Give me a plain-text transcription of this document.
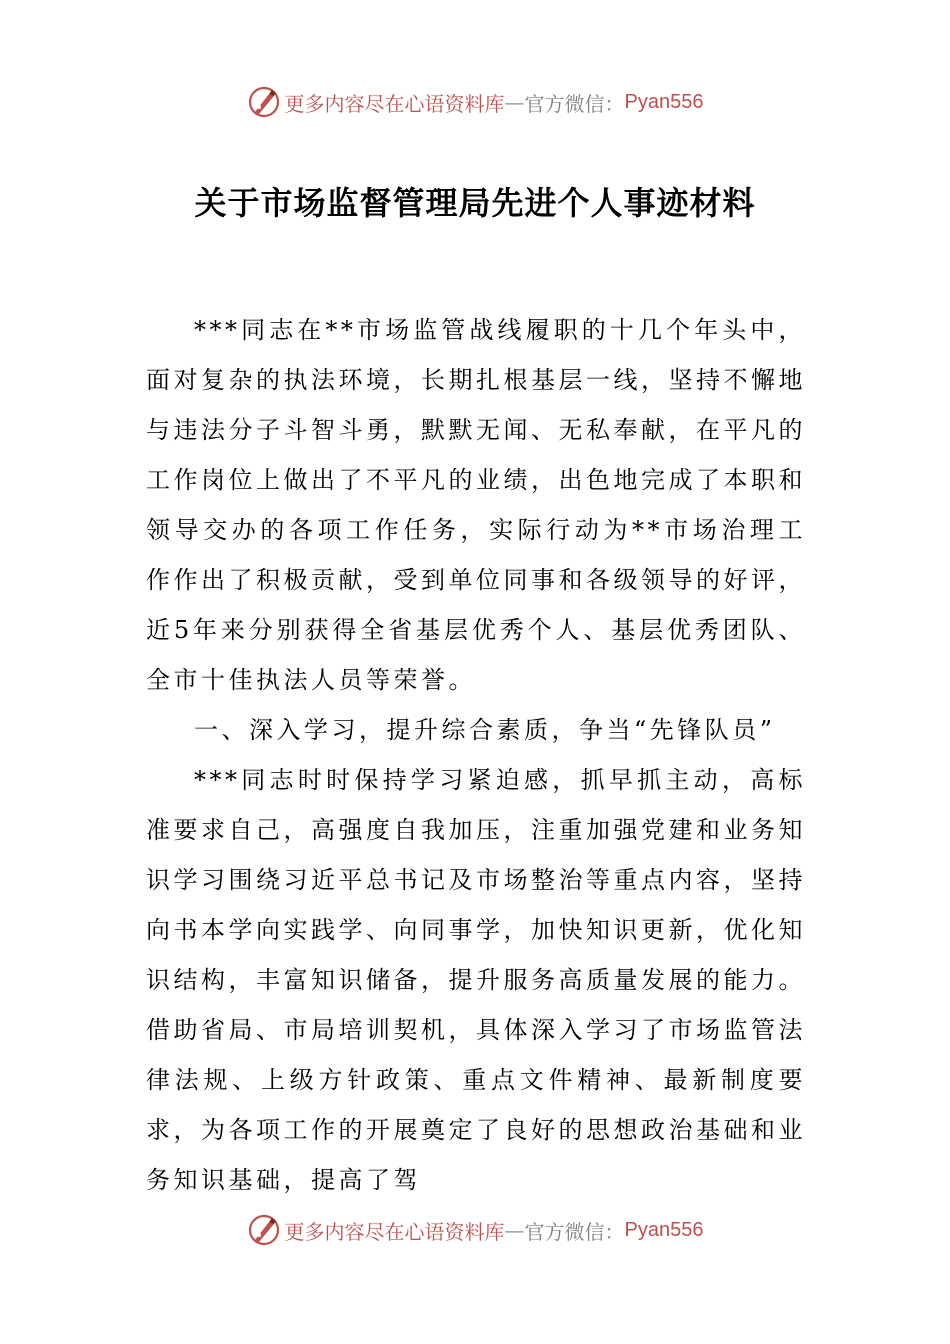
更多内容尽在心语资料库 — 官方微信： Pyan556
关于市场监督管理局先进个人事迹材料

***同志在**市场监管战线履职的十几个年头中，面对复杂的执法环境，长期扎根基层一线，坚持不懈地与违法分子斗智斗勇，默默无闻、无私奉献，在平凡的工作岗位上做出了不平凡的业绩，出色地完成了本职和领导交办的各项工作任务，实际行动为**市场治理工作作出了积极贡献，受到单位同事和各级领导的好评，近5年来分别获得全省基层优秀个人、基层优秀团队、全市十佳执法人员等荣誉。

一、深入学习，提升综合素质，争当“先锋队员”

***同志时时保持学习紧迫感，抓早抓主动，高标准要求自己，高强度自我加压，注重加强党建和业务知识学习围绕习近平总书记及市场整治等重点内容，坚持向书本学向实践学、向同事学，加快知识更新，优化知识结构，丰富知识储备，提升服务高质量发展的能力。借助省局、市局培训契机，具体深入学习了市场监管法律法规、上级方针政策、重点文件精神、最新制度要求，为各项工作的开展奠定了良好的思想政治基础和业务知识基础，提高了驾

更多内容尽在心语资料库 — 官方微信： Pyan556
